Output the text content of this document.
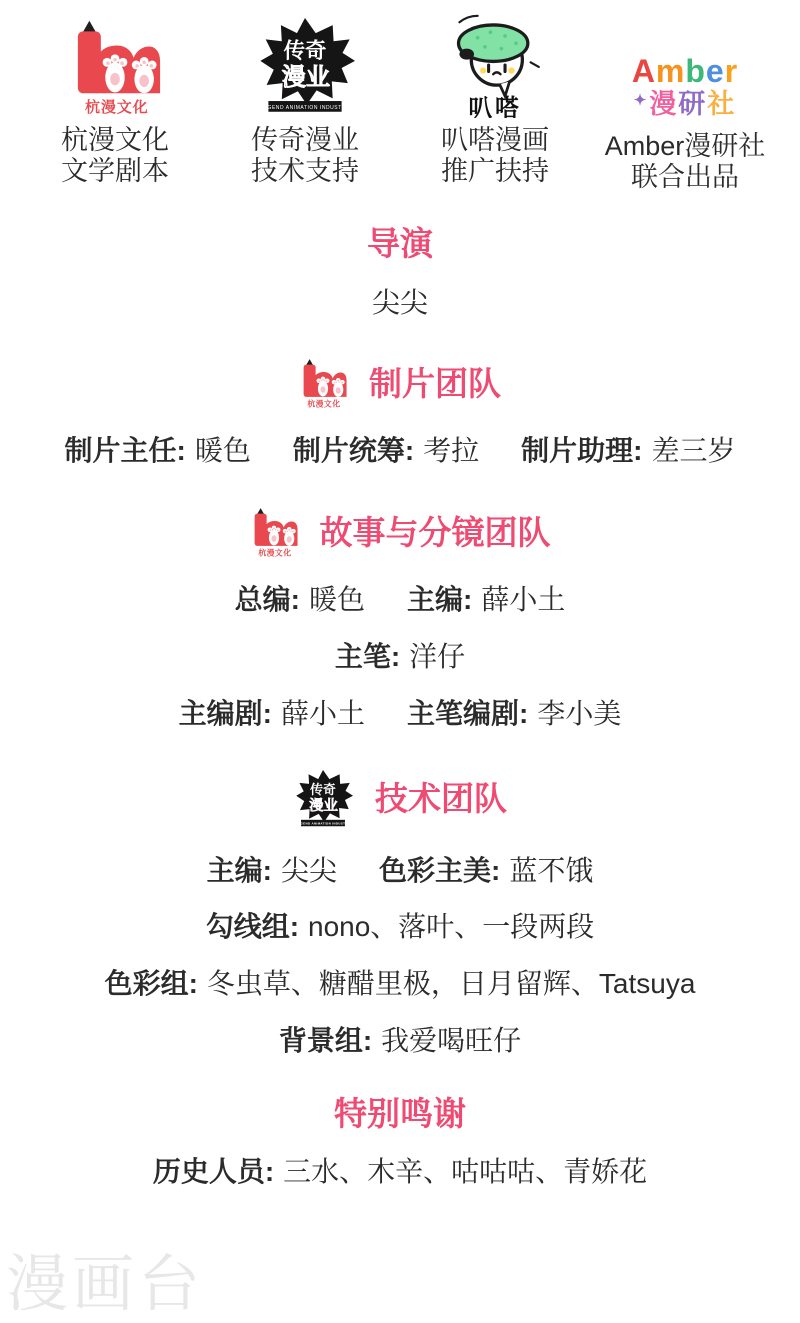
杭漫文化
文学剧本
传奇漫业
技术支持
叭嗒漫画
推广扶持
Amber
✦漫研社
Amber漫研社
联合出品
导演
尖尖
制片团队
制片主任: 暖色 制片统筹: 考拉 制片助理: 差三岁
故事与分镜团队
总编: 暖色 主编: 薛小土
主笔: 洋仔
主编剧: 薛小土 主笔编剧: 李小美
技术团队
主编: 尖尖 色彩主美: 蓝不饿
勾线组: nono、落叶、一段两段
色彩组: 冬虫草、糖醋里极，日月留辉、Tatsuya
背景组: 我爱喝旺仔
特别鸣谢
历史人员: 三水、木辛、咕咕咕、青娇花
漫画台
